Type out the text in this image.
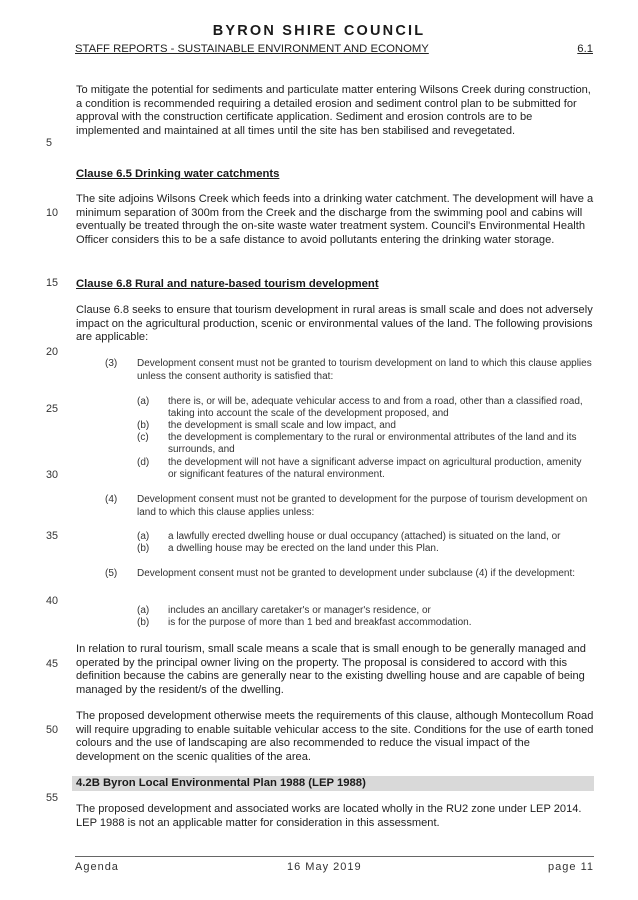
BYRON SHIRE COUNCIL
STAFF REPORTS - SUSTAINABLE ENVIRONMENT AND ECONOMY	6.1
5
10
15
20
25
30
35
40
45
50
55

To mitigate the potential for sediments and particulate matter entering Wilsons Creek during construction, a condition is recommended requiring a detailed erosion and sediment control plan to be submitted for approval with the construction certificate application. Sediment and erosion controls are to be implemented and maintained at all times until the site has ben stabilised and revegetated.

Clause 6.5 Drinking water catchments

The site adjoins Wilsons Creek which feeds into a drinking water catchment. The development will have a minimum separation of 300m from the Creek and the discharge from the swimming pool and cabins will eventually be treated through the on-site waste water treatment system. Council's Environmental Health Officer considers this to be a safe distance to avoid pollutants entering the drinking water storage.

Clause 6.8 Rural and nature-based tourism development

Clause 6.8 seeks to ensure that tourism development in rural areas is small scale and does not adversely impact on the agricultural production, scenic or environmental values of the land. The following provisions are applicable:

(3) Development consent must not be granted to tourism development on land to which this clause applies unless the consent authority is satisfied that:
(a) there is, or will be, adequate vehicular access to and from a road, other than a classified road, taking into account the scale of the development proposed, and
(b) the development is small scale and low impact, and
(c) the development is complementary to the rural or environmental attributes of the land and its surrounds, and
(d) the development will not have a significant adverse impact on agricultural production, amenity or significant features of the natural environment.
(4) Development consent must not be granted to development for the purpose of tourism development on land to which this clause applies unless:
(a) a lawfully erected dwelling house or dual occupancy (attached) is situated on the land, or
(b) a dwelling house may be erected on the land under this Plan.
(5) Development consent must not be granted to development under subclause (4) if the development:
(a) includes an ancillary caretaker's or manager's residence, or
(b) is for the purpose of more than 1 bed and breakfast accommodation.

In relation to rural tourism, small scale means a scale that is small enough to be generally managed and operated by the principal owner living on the property. The proposal is considered to accord with this definition because the cabins are generally near to the existing dwelling house and are capable of being managed by the resident/s of the dwelling.

The proposed development otherwise meets the requirements of this clause, although Montecollum Road will require upgrading to enable suitable vehicular access to the site. Conditions for the use of earth toned colours and the use of landscaping are also recommended to reduce the visual impact of the development on the scenic qualities of the area.

4.2B Byron Local Environmental Plan 1988 (LEP 1988)

The proposed development and associated works are located wholly in the RU2 zone under LEP 2014. LEP 1988 is not an applicable matter for consideration in this assessment.

Agenda	16 May 2019	page 11
